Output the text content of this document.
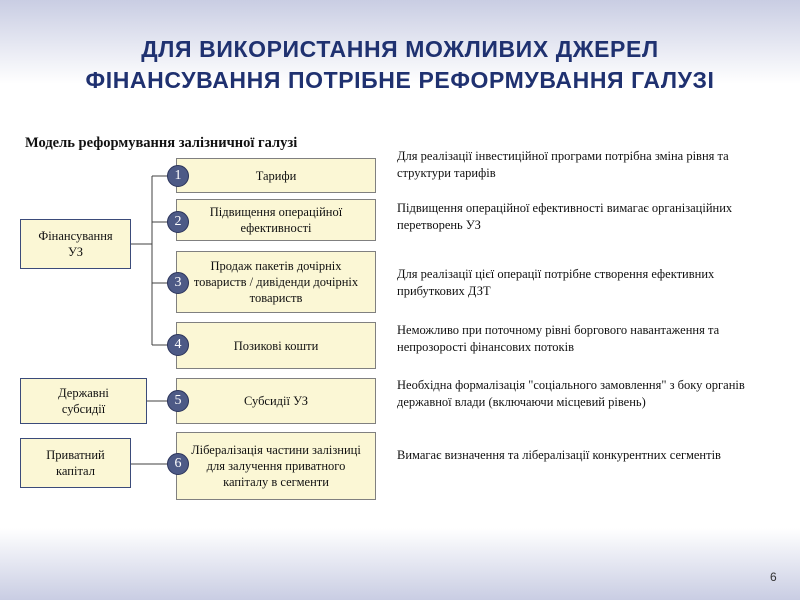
ДЛЯ ВИКОРИСТАННЯ МОЖЛИВИХ ДЖЕРЕЛ
ФІНАНСУВАННЯ ПОТРІБНЕ РЕФОРМУВАННЯ ГАЛУЗІ
Модель реформування залізничної галузі
Фінансування УЗ
Державні субсидії
Приватний капітал
Тарифи
Підвищення операційної ефективності
Продаж пакетів дочірніх товариств / дивіденди дочірніх товариств
Позикові кошти
Субсидії УЗ
Лібералізація частини залізниці для залучення приватного капіталу в сегменти
1
2
3
4
5
6
Для реалізації інвестиційної програми потрібна зміна рівня та структури тарифів
Підвищення операційної ефективності вимагає організаційних перетворень УЗ
Для реалізації цієї операції потрібне створення ефективних прибуткових ДЗТ
Неможливо при поточному рівні боргового навантаження та непрозорості фінансових потоків
Необхідна формалізація "соціального замовлення" з боку органів державної влади (включаючи місцевий рівень)
Вимагає визначення та лібералізації конкурентних сегментів
6
